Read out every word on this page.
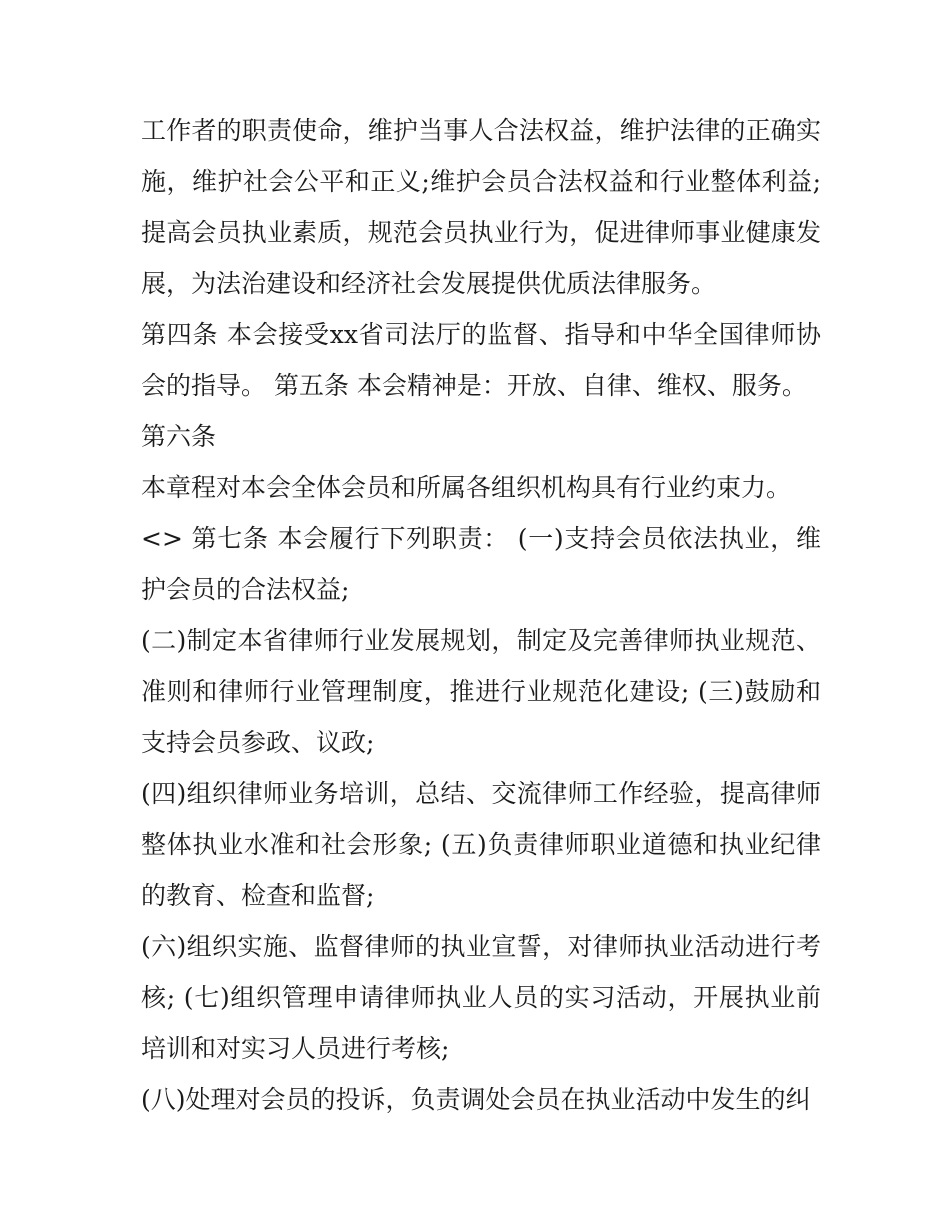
工作者的职责使命，维护当事人合法权益，维护法律的正确实施，维护社会公平和正义;维护会员合法权益和行业整体利益;提高会员执业素质，规范会员执业行为，促进律师事业健康发展，为法治建设和经济社会发展提供优质法律服务。

第四条 本会接受xx省司法厅的监督、指导和中华全国律师协会的指导。 第五条 本会精神是：开放、自律、维权、服务。

第六条

本章程对本会全体会员和所属各组织机构具有行业约束力。

<> 第七条 本会履行下列职责： (一)支持会员依法执业，维护会员的合法权益;

(二)制定本省律师行业发展规划，制定及完善律师执业规范、准则和律师行业管理制度，推进行业规范化建设; (三)鼓励和支持会员参政、议政;

(四)组织律师业务培训，总结、交流律师工作经验，提高律师整体执业水准和社会形象; (五)负责律师职业道德和执业纪律的教育、检查和监督;

(六)组织实施、监督律师的执业宣誓，对律师执业活动进行考核; (七)组织管理申请律师执业人员的实习活动，开展执业前培训和对实习人员进行考核;

(八)处理对会员的投诉，负责调处会员在执业活动中发生的纠
